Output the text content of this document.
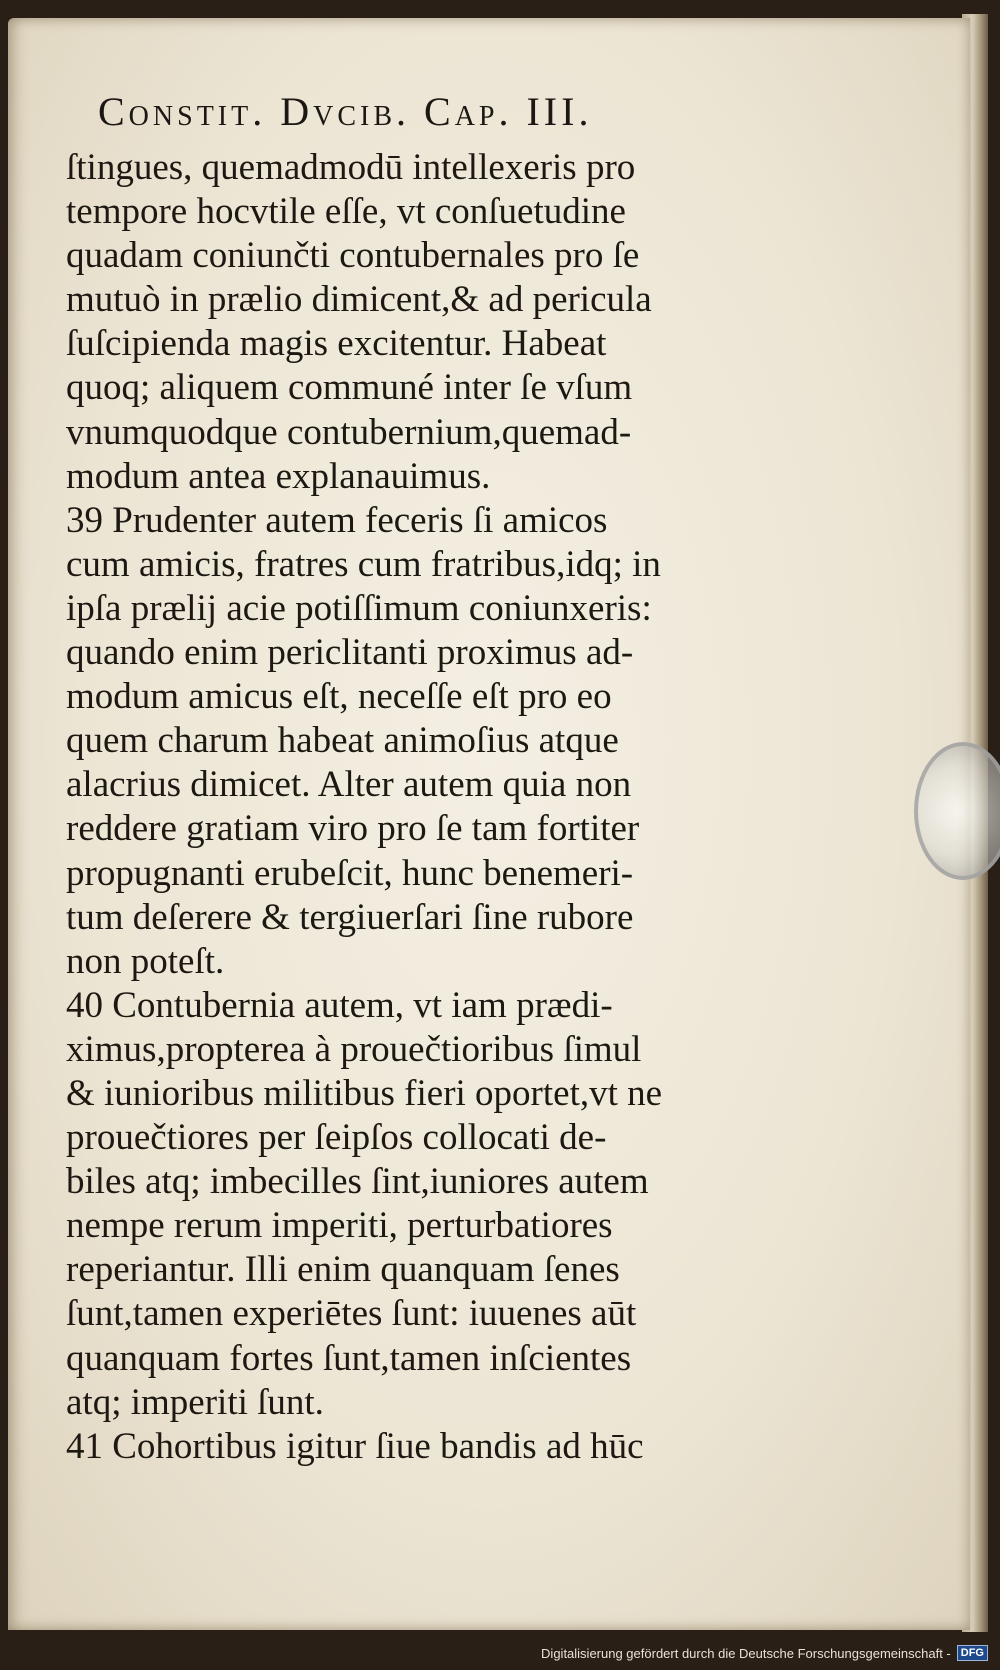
Constit. Dvcib. Cap. III.
ſtingues, quemadmodū intellexeris pro
tempore hocvtile eſſe, vt conſuetudine
quadam coniunčti contubernales pro ſe
mutuò in prælio dimicent,& ad pericula
ſuſcipienda magis excitentur. Habeat
quoq; aliquem communé inter ſe vſum
vnumquodque contubernium,quemad-
modum antea explanauimus.
39 Prudenter autem feceris ſi amicos
cum amicis, fratres cum fratribus,idq; in
ipſa prælij acie potiſſimum coniunxeris:
quando enim periclitanti proximus ad-
modum amicus eſt, neceſſe eſt pro eo
quem charum habeat animoſius atque
alacrius dimicet. Alter autem quia non
reddere gratiam viro pro ſe tam fortiter
propugnanti erubeſcit, hunc benemeri-
tum deſerere & tergiuerſari ſine rubore
non poteſt.
40 Contubernia autem, vt iam prædi-
ximus,propterea à prouečtioribus ſimul
& iunioribus militibus fieri oportet,vt ne
prouečtiores per ſeipſos collocati de-
biles atq; imbecilles ſint,iuniores autem
nempe rerum imperiti, perturbatiores
reperiantur. Illi enim quanquam ſenes
ſunt,tamen experiētes ſunt: iuuenes aūt
quanquam fortes ſunt,tamen inſcientes
atq; imperiti ſunt.
41 Cohortibus igitur ſiue bandis ad hūc
Digitalisierung gefördert durch die Deutsche Forschungsgemeinschaft - DFG
